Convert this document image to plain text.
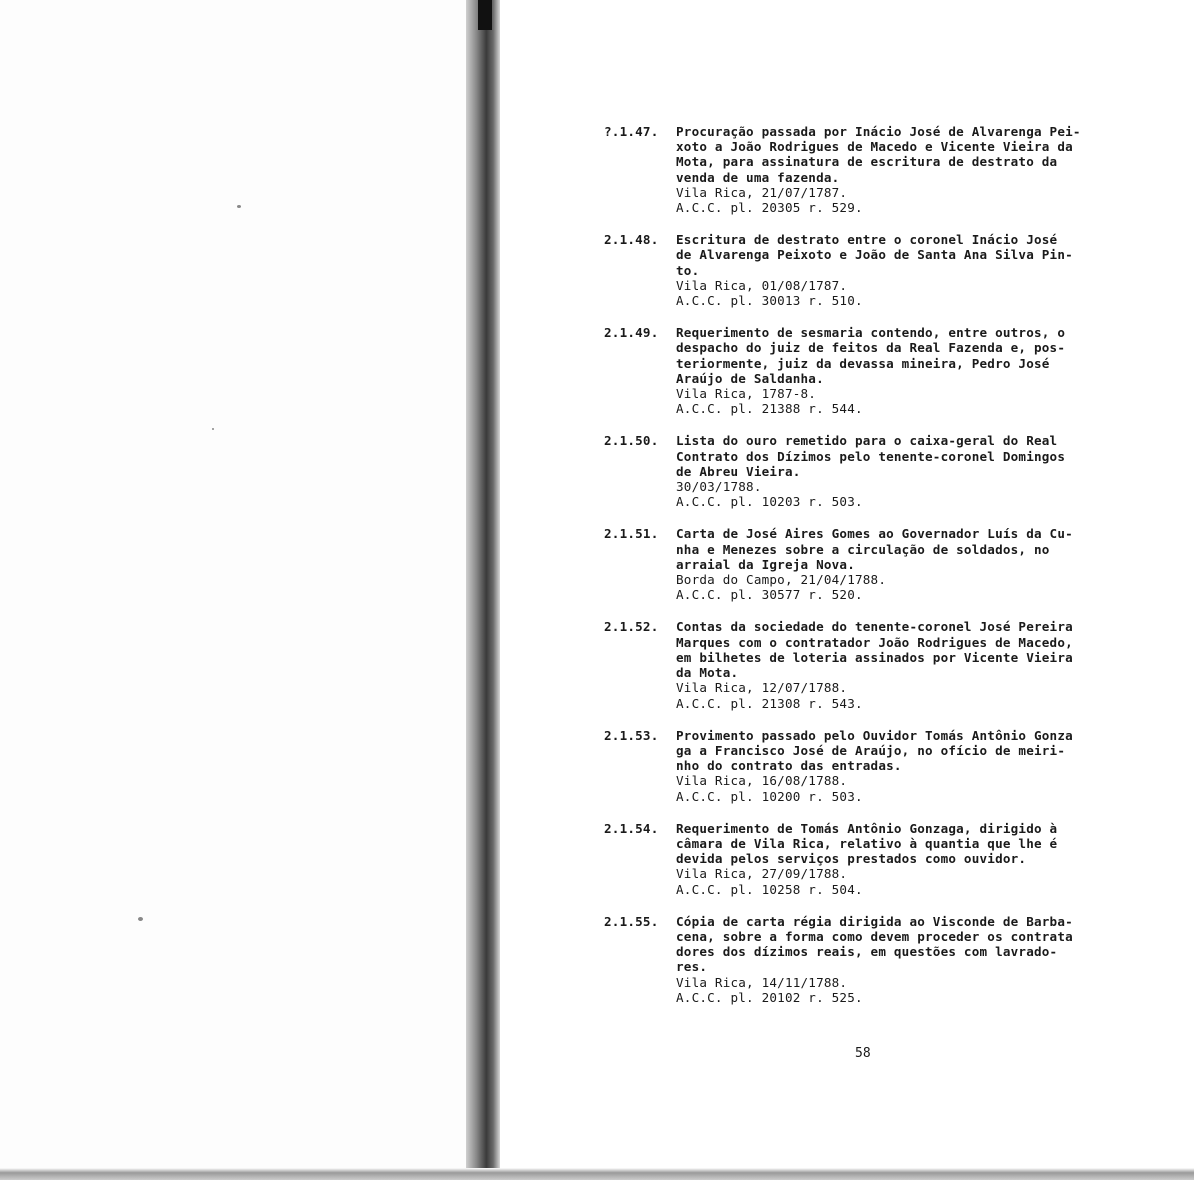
?.1.47.	Procuração passada por Inácio José de Alvarenga Pei-
xoto a João Rodrigues de Macedo e Vicente Vieira da
Mota, para assinatura de escritura de destrato da
venda de uma fazenda.
Vila Rica, 21/07/1787.
A.C.C. pl. 20305 r. 529.
2.1.48.	Escritura de destrato entre o coronel Inácio José
de Alvarenga Peixoto e João de Santa Ana Silva Pin-
to.
Vila Rica, 01/08/1787.
A.C.C. pl. 30013 r. 510.
2.1.49.	Requerimento de sesmaria contendo, entre outros, o
despacho do juiz de feitos da Real Fazenda e, pos-
teriormente, juiz da devassa mineira, Pedro José
Araújo de Saldanha.
Vila Rica, 1787-8.
A.C.C. pl. 21388 r. 544.
2.1.50.	Lista do ouro remetido para o caixa-geral do Real
Contrato dos Dízimos pelo tenente-coronel Domingos
de Abreu Vieira.
30/03/1788.
A.C.C. pl. 10203 r. 503.
2.1.51.	Carta de José Aires Gomes ao Governador Luís da Cu-
nha e Menezes sobre a circulação de soldados, no
arraial da Igreja Nova.
Borda do Campo, 21/04/1788.
A.C.C. pl. 30577 r. 520.
2.1.52.	Contas da sociedade do tenente-coronel José Pereira
Marques com o contratador João Rodrigues de Macedo,
em bilhetes de loteria assinados por Vicente Vieira
da Mota.
Vila Rica, 12/07/1788.
A.C.C. pl. 21308 r. 543.
2.1.53.	Provimento passado pelo Ouvidor Tomás Antônio Gonza
ga a Francisco José de Araújo, no ofício de meiri-
nho do contrato das entradas.
Vila Rica, 16/08/1788.
A.C.C. pl. 10200 r. 503.
2.1.54.	Requerimento de Tomás Antônio Gonzaga, dirigido à
câmara de Vila Rica, relativo à quantia que lhe é
devida pelos serviços prestados como ouvidor.
Vila Rica, 27/09/1788.
A.C.C. pl. 10258 r. 504.
2.1.55.	Cópia de carta régia dirigida ao Visconde de Barba-
cena, sobre a forma como devem proceder os contrata
dores dos dízimos reais, em questões com lavrado-
res.
Vila Rica, 14/11/1788.
A.C.C. pl. 20102 r. 525.
58
